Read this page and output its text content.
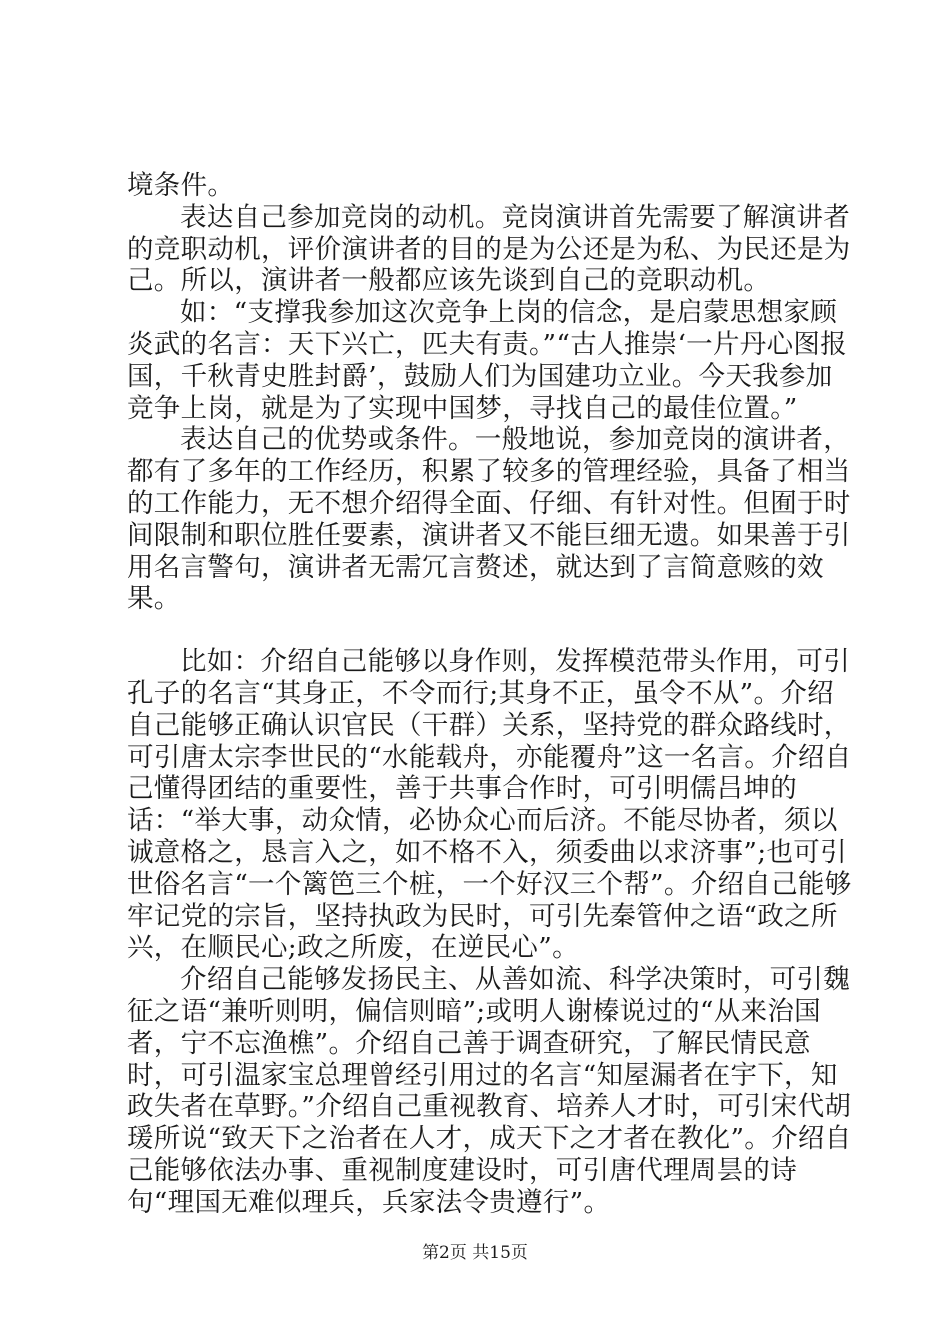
境条件。

表达自己参加竞岗的动机。竞岗演讲首先需要了解演讲者的竞职动机，评价演讲者的目的是为公还是为私、为民还是为己。所以，演讲者一般都应该先谈到自己的竞职动机。

如：“支撑我参加这次竞争上岗的信念，是启蒙思想家顾炎武的名言：天下兴亡，匹夫有责。”“古人推崇‘一片丹心图报国，千秋青史胜封爵’，鼓励人们为国建功立业。今天我参加竞争上岗，就是为了实现中国梦，寻找自己的最佳位置。”

表达自己的优势或条件。一般地说，参加竞岗的演讲者，都有了多年的工作经历，积累了较多的管理经验，具备了相当的工作能力，无不想介绍得全面、仔细、有针对性。但囿于时间限制和职位胜任要素，演讲者又不能巨细无遗。如果善于引用名言警句，演讲者无需冗言赘述，就达到了言简意赅的效果。

比如：介绍自己能够以身作则，发挥模范带头作用，可引孔子的名言“其身正，不令而行;其身不正，虽令不从”。介绍自己能够正确认识官民（干群）关系，坚持党的群众路线时，可引唐太宗李世民的“水能载舟，亦能覆舟”这一名言。介绍自己懂得团结的重要性，善于共事合作时，可引明儒吕坤的话：“举大事，动众情，必协众心而后济。不能尽协者，须以诚意格之，恳言入之，如不格不入，须委曲以求济事”;也可引世俗名言“一个篱笆三个桩，一个好汉三个帮”。介绍自己能够牢记党的宗旨，坚持执政为民时，可引先秦管仲之语“政之所兴，在顺民心;政之所废，在逆民心”。

介绍自己能够发扬民主、从善如流、科学决策时，可引魏征之语“兼听则明，偏信则暗”;或明人谢榛说过的“从来治国者，宁不忘渔樵”。介绍自己善于调查研究，了解民情民意时，可引温家宝总理曾经引用过的名言“知屋漏者在宇下，知政失者在草野。”介绍自己重视教育、培养人才时，可引宋代胡瑗所说“致天下之治者在人才，成天下之才者在教化”。介绍自己能够依法办事、重视制度建设时，可引唐代理周昙的诗句“理国无难似理兵，兵家法令贵遵行”。

第2页 共15页
